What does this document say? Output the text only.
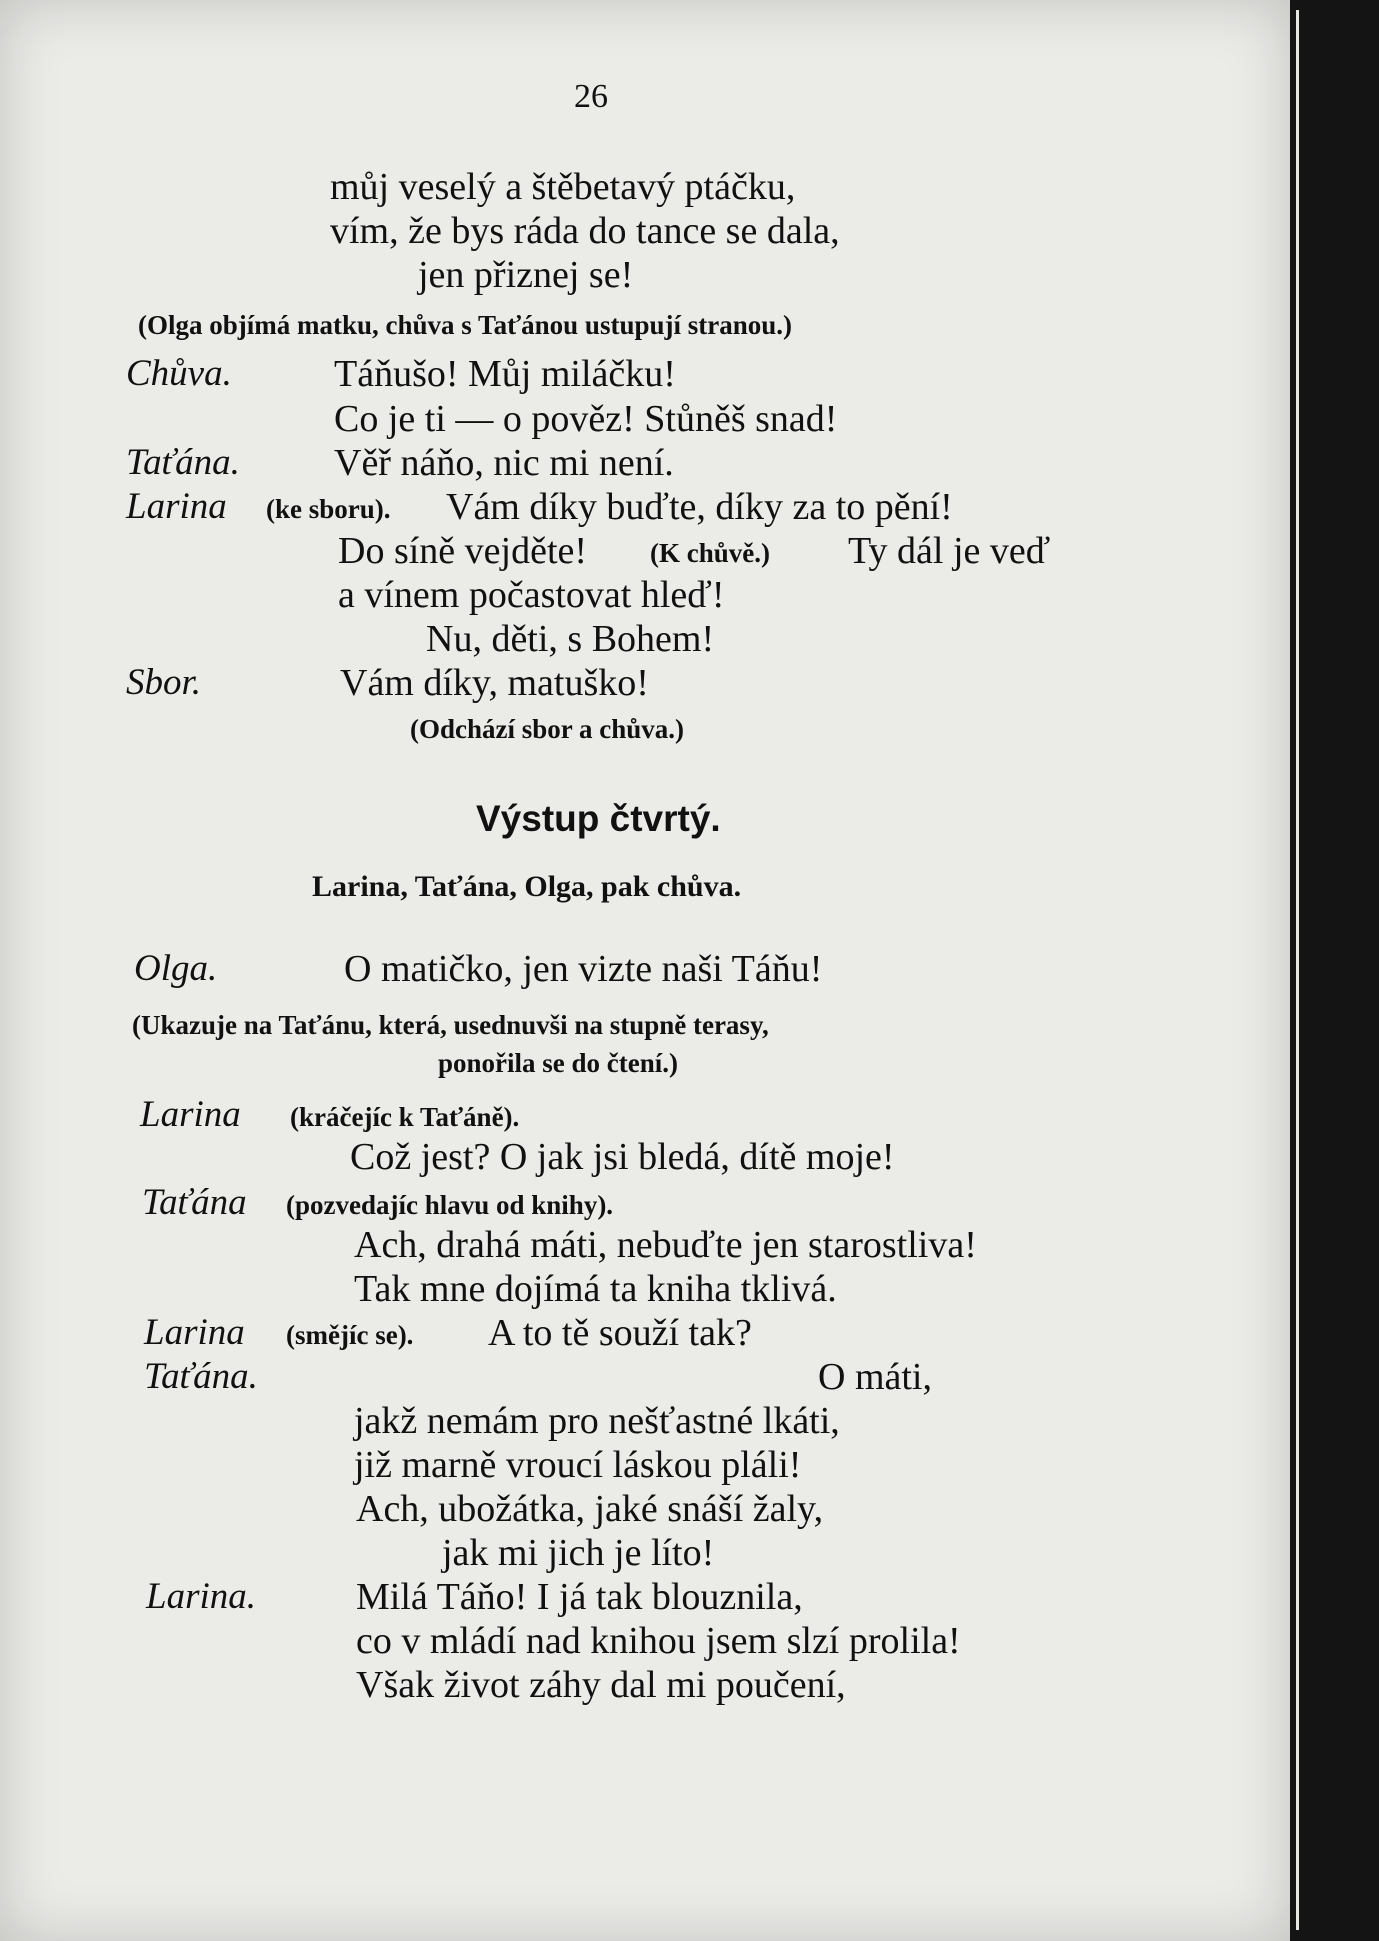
26
můj veselý a štěbetavý ptáčku,
vím, že bys ráda do tance se dala,
jen přiznej se!
(Olga objímá matku, chůva s Taťánou ustupují stranou.)
Chůva.	Táňušo! Můj miláčku!
Co je ti — o pověz! Stůněš snad!
Taťána. Věř náňo, nic mi není.
Larina (ke sboru). Vám díky buďte, díky za to pění!
Do síně vejděte! (K chůvě.) Ty dál je veď
a vínem počastovat hleď!
Nu, děti, s Bohem!
Sbor.	Vám díky, matuško!
(Odchází sbor a chůva.)
Výstup čtvrtý.
Larina, Taťána, Olga, pak chůva.
Olga.	O matičko, jen vizte naši Táňu!
(Ukazuje na Taťánu, která, usednuvši na stupně terasy,
ponořila se do čtení.)
Larina (kráčejíc k Taťáně).
Což jest? O jak jsi bledá, dítě moje!
Taťána (pozvedajíc hlavu od knihy).
Ach, drahá máti, nebuďte jen starostliva!
Tak mne dojímá ta kniha tklivá.
Larina (smějíc se). A to tě souží tak?
Taťána.	O máti,
jakž nemám pro nešťastné lkáti,
již marně vroucí láskou pláli!
Ach, ubožátka, jaké snáší žaly,
jak mi jich je líto!
Larina.	Milá Táňo! I já tak blouznila,
co v mládí nad knihou jsem slzí prolila!
Však život záhy dal mi poučení,
